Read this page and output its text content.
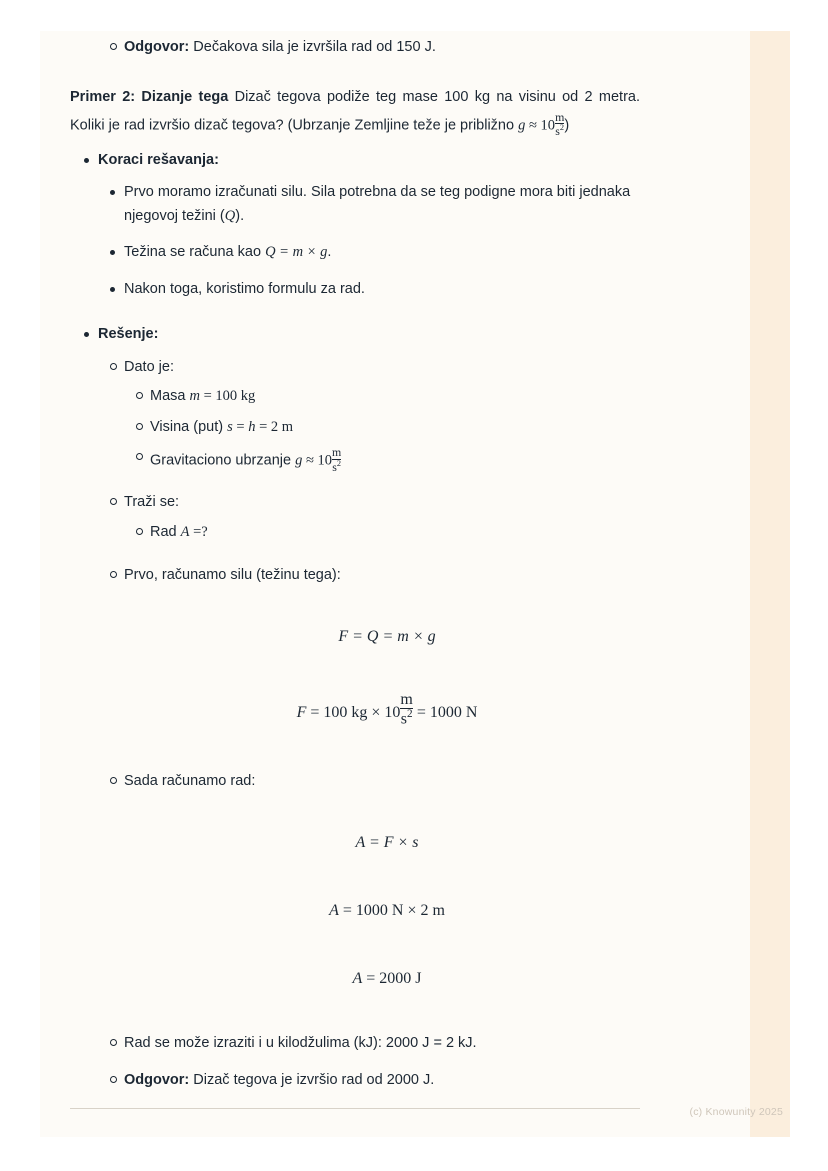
Odgovor: Dečakova sila je izvršila rad od 150 J.

Primer 2: Dizanje tega Dizač tegova podiže teg mase 100 kg na visinu od 2 metra. Koliki je rad izvršio dizač tegova? (Ubrzanje Zemljine teže je približno $g \approx 10 \frac{m}{s^2}$ )

Koraci rešavanja:
Prvo moramo izračunati silu. Sila potrebna da se teg podigne mora biti jednaka njegovoj težini (Q).
Težina se računa kao Q = m × g.
Nakon toga, koristimo formulu za rad.
Rešenje:
Dato je:
Masa m = 100 kg
Visina (put) s = h = 2 m
Gravitaciono ubrzanje $g \approx 10 \frac{m}{s^2}$
Traži se:
Rad A =?
Prvo, računamo silu (težinu tega):
F = Q = m × g
F = 100 kg × $10 \frac{m}{s^2} = 1000$ N
Sada računamo rad:
A = F × s
A = 1000 N × 2 m
A = 2000 J
Rad se može izraziti i u kilodžulima (kJ): 2000 J = 2 kJ.
Odgovor: Dizač tegova je izvršio rad od 2000 J.
(c) Knowunity 2025
